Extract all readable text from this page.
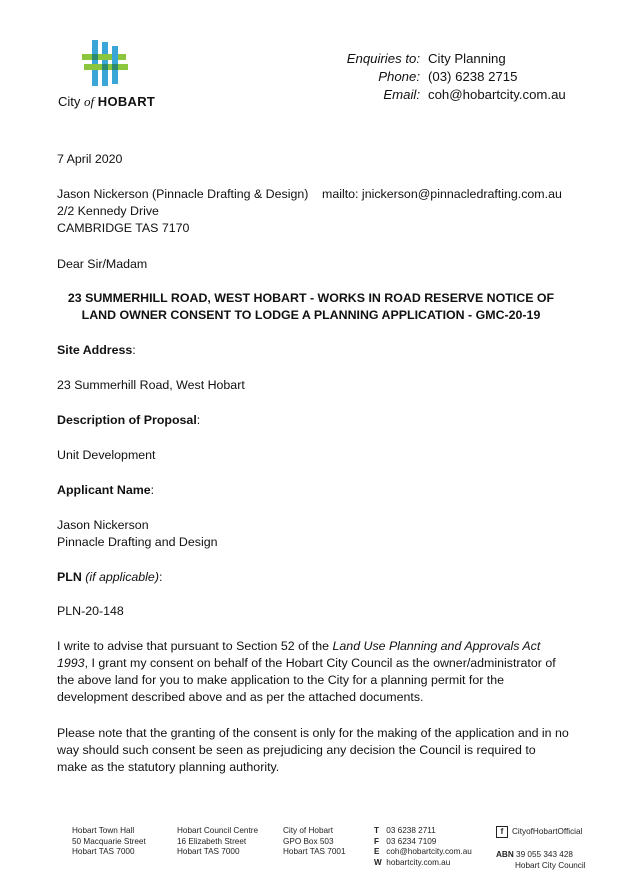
City of HOBART
Enquiries to: City Planning
Phone: (03) 6238 2715
Email: coh@hobartcity.com.au
7 April 2020
Jason Nickerson (Pinnacle Drafting & Design) mailto: jnickerson@pinnacledrafting.com.au
2/2 Kennedy Drive
CAMBRIDGE TAS 7170
Dear Sir/Madam
23 SUMMERHILL ROAD, WEST HOBART - WORKS IN ROAD RESERVE NOTICE OF
LAND OWNER CONSENT TO LODGE A PLANNING APPLICATION - GMC-20-19
Site Address:
23 Summerhill Road, West Hobart
Description of Proposal:
Unit Development
Applicant Name:
Jason Nickerson
Pinnacle Drafting and Design
PLN (if applicable):
PLN-20-148
I write to advise that pursuant to Section 52 of the Land Use Planning and Approvals Act 1993, I grant my consent on behalf of the Hobart City Council as the owner/administrator of the above land for you to make application to the City for a planning permit for the development described above and as per the attached documents.
Please note that the granting of the consent is only for the making of the application and in no way should such consent be seen as prejudicing any decision the Council is required to make as the statutory planning authority.
Hobart Town Hall
50 Macquarie Street
Hobart TAS 7000
Hobart Council Centre
16 Elizabeth Street
Hobart TAS 7000
City of Hobart
GPO Box 503
Hobart TAS 7001
T 03 6238 2711
F 03 6234 7109
E coh@hobartcity.com.au
W hobartcity.com.au
f CityofHobartOfficial
ABN 39 055 343 428
Hobart City Council
